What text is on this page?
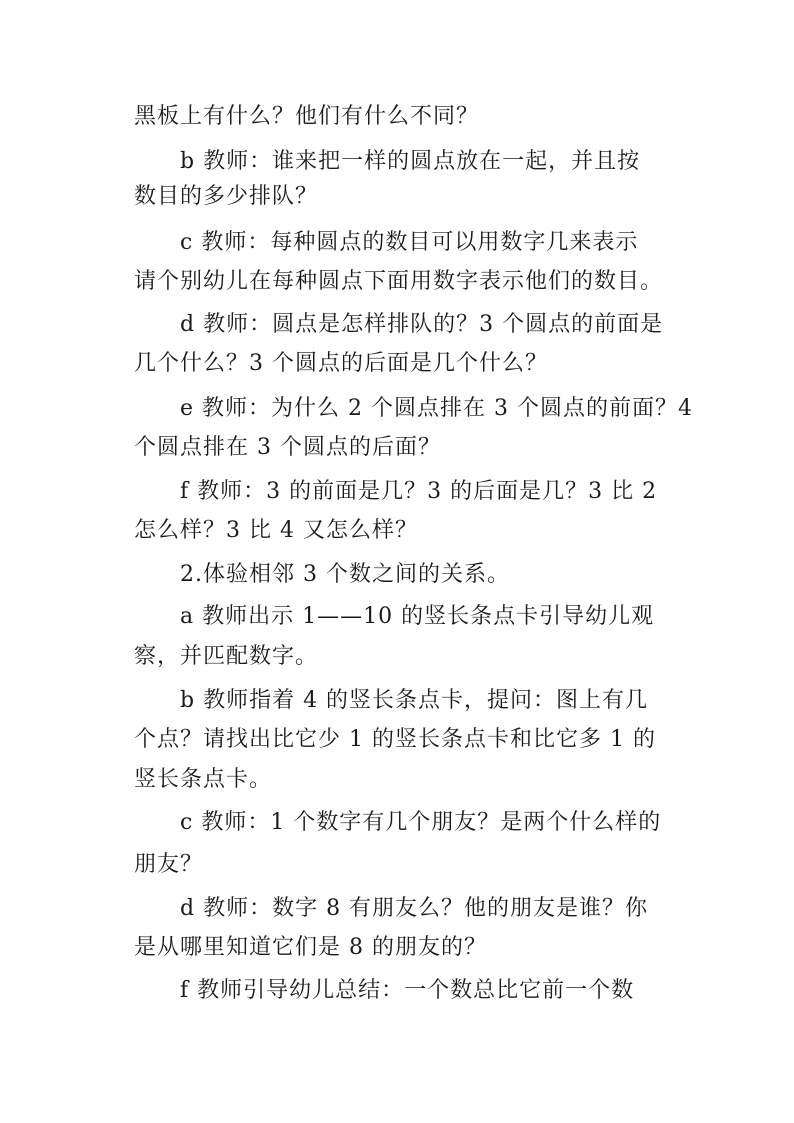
黑板上有什么？他们有什么不同？
b 教师：谁来把一样的圆点放在一起，并且按
数目的多少排队？
c 教师：每种圆点的数目可以用数字几来表示
请个别幼儿在每种圆点下面用数字表示他们的数目。
d 教师：圆点是怎样排队的？3 个圆点的前面是
几个什么？3 个圆点的后面是几个什么？
e 教师：为什么 2 个圆点排在 3 个圆点的前面？4
个圆点排在 3 个圆点的后面？
f 教师：3 的前面是几？3 的后面是几？3 比 2
怎么样？3 比 4 又怎么样？
2.体验相邻 3 个数之间的关系。
a 教师出示 1——10 的竖长条点卡引导幼儿观
察，并匹配数字。
b 教师指着 4 的竖长条点卡，提问：图上有几
个点？请找出比它少 1 的竖长条点卡和比它多 1 的
竖长条点卡。
c 教师：1 个数字有几个朋友？是两个什么样的
朋友？
d 教师：数字 8 有朋友么？他的朋友是谁？你
是从哪里知道它们是 8 的朋友的？
f 教师引导幼儿总结：一个数总比它前一个数
